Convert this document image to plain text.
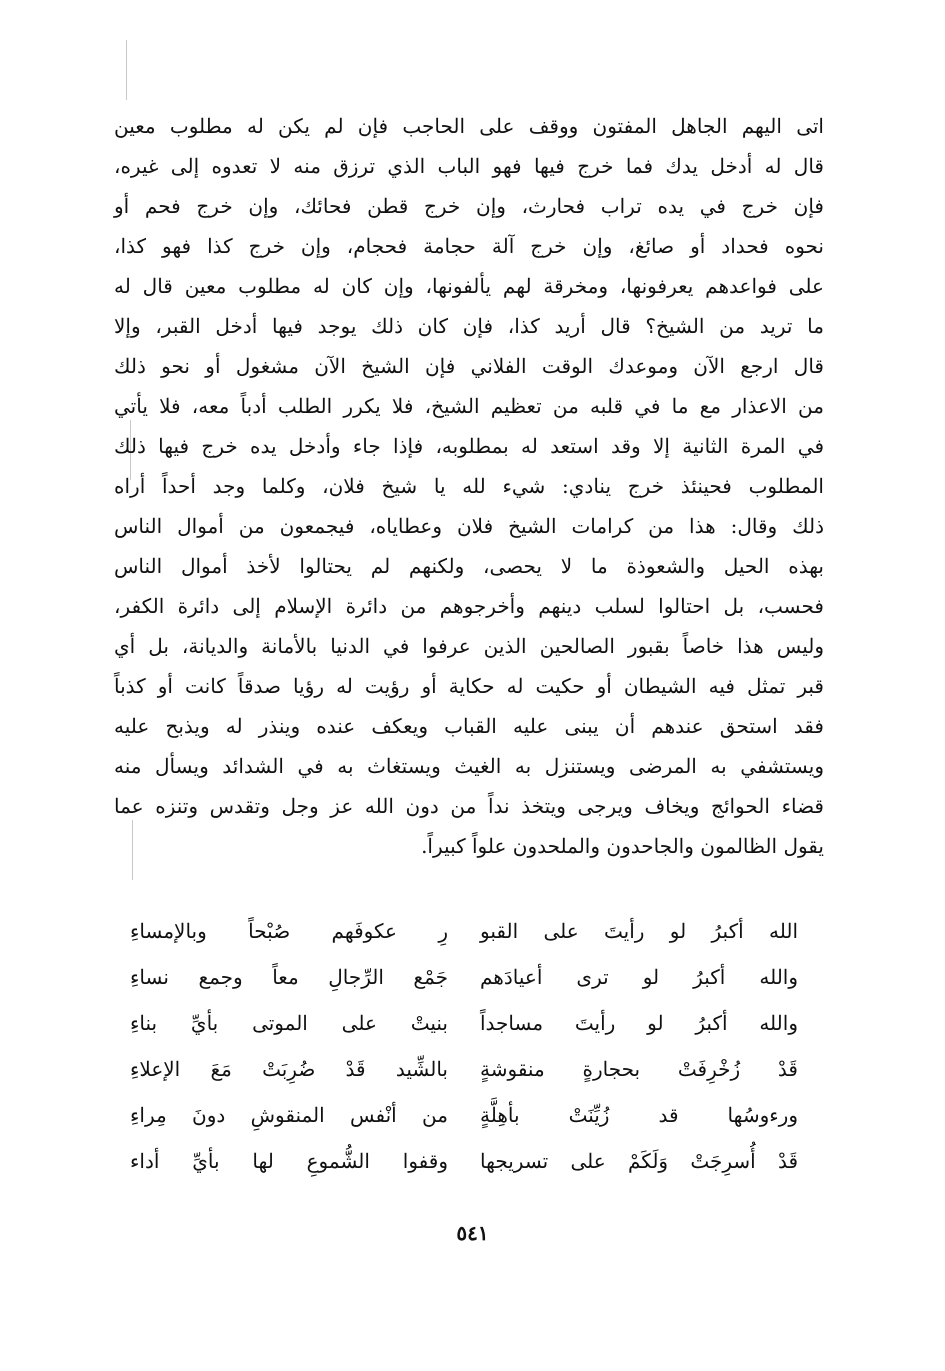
اتى اليهم الجاهل المفتون ووقف على الحاجب فإن لم يكن له مطلوب معين
قال له أدخل يدك فما خرج فيها فهو الباب الذي ترزق منه لا تعدوه إلى غيره،
فإن خرج في يده تراب فحارث، وإن خرج قطن فحائك، وإن خرج فحم أو
نحوه فحداد أو صائغ، وإن خرج آلة حجامة فحجام، وإن خرج كذا فهو كذا،
على فواعدهم يعرفونها، ومخرقة لهم يألفونها، وإن كان له مطلوب معين قال له
ما تريد من الشيخ؟ قال أريد كذا، فإن كان ذلك يوجد فيها أدخل القبر، وإلا
قال ارجع الآن وموعدك الوقت الفلاني فإن الشيخ الآن مشغول أو نحو ذلك
من الاعذار مع ما في قلبه من تعظيم الشيخ، فلا يكرر الطلب أدباً معه، فلا يأتي
في المرة الثانية إلا وقد استعد له بمطلوبه، فإذا جاء وأدخل يده خرج فيها ذلك
المطلوب فحينئذ خرج ينادي: شيء لله يا شيخ فلان، وكلما وجد أحداً أراه
ذلك وقال: هذا من كرامات الشيخ فلان وعطاياه، فيجمعون من أموال الناس
بهذه الحيل والشعوذة ما لا يحصى، ولكنهم لم يحتالوا لأخذ أموال الناس
فحسب، بل احتالوا لسلب دينهم وأخرجوهم من دائرة الإسلام إلى دائرة الكفر،
وليس هذا خاصاً بقبور الصالحين الذين عرفوا في الدنيا بالأمانة والديانة، بل أي
قبر تمثل فيه الشيطان أو حكيت له حكاية أو رؤيت له رؤيا صدقاً كانت أو كذباً
فقد استحق عندهم أن يبنى عليه القباب ويعكف عنده وينذر له ويذبح عليه
ويستشفي به المرضى ويستنزل به الغيث ويستغاث به في الشدائد ويسأل منه
قضاء الحوائج ويخاف ويرجى ويتخذ نداً من دون الله عز وجل وتقدس وتنزه عما
يقول الظالمون والجاحدون والملحدون علواً كبيراً.
الله أكبرُ لو رأيتَ على القبو
رِ عكوفَهم صُبْحاً وبالإمساءِ
والله أكبرُ لو ترى أعيادَهم
جَمْع الرِّجالِ معاً وجمع نساءِ
والله أكبرُ لو رأيتَ مساجداً
بنيتْ على الموتى بأيِّ بناءِ
قَدْ زُخْرِفَتْ بحجارةٍ منقوشةٍ
بالشِّيد قَدْ ضُرِبَتْ مَعَ الإعلاءِ
ورءوسُها قد زُيِّنَتْ بأهِلَّةٍ
من أنْفس المنقوشِ دونَ مِراءِ
قَدْ أُسرِجَتْ وَلَكَمْ على تسريجها
وقفوا الشُّموعِ لها بأيِّ أداء
٥٤١
